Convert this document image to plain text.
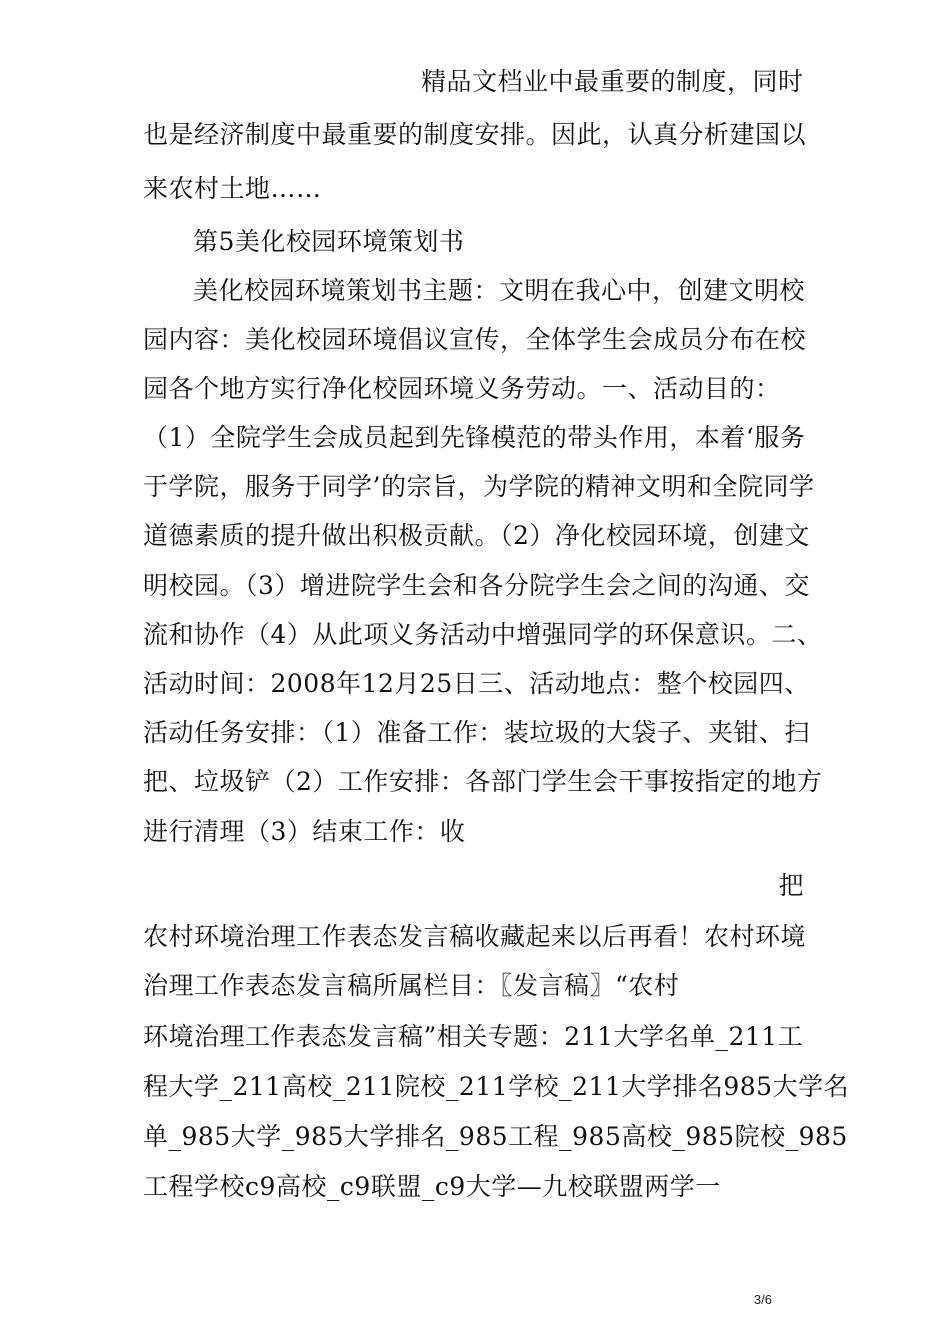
精品文档业中最重要的制度，同时
也是经济制度中最重要的制度安排。因此，认真分析建国以
来农村土地……
第5美化校园环境策划书
美化校园环境策划书主题：文明在我心中，创建文明校
园内容：美化校园环境倡议宣传，全体学生会成员分布在校
园各个地方实行净化校园环境义务劳动。一、活动目的：
（1）全院学生会成员起到先锋模范的带头作用，本着‘服务
于学院，服务于同学’的宗旨，为学院的精神文明和全院同学
道德素质的提升做出积极贡献。（2）净化校园环境，创建文
明校园。（3）增进院学生会和各分院学生会之间的沟通、交
流和协作（4）从此项义务活动中增强同学的环保意识。二、
活动时间：2008年12月25日三、活动地点：整个校园四、
活动任务安排：（1）准备工作：装垃圾的大袋子、夹钳、扫
把、垃圾铲（2）工作安排：各部门学生会干事按指定的地方
进行清理（3）结束工作：收
把
农村环境治理工作表态发言稿收藏起来以后再看！农村环境
治理工作表态发言稿所属栏目：〖发言稿〗“农村
环境治理工作表态发言稿”相关专题：211大学名单_211工
程大学_211高校_211院校_211学校_211大学排名985大学名
单_985大学_985大学排名_985工程_985高校_985院校_985
工程学校c9高校_c9联盟_c9大学—九校联盟两学一
3/6
